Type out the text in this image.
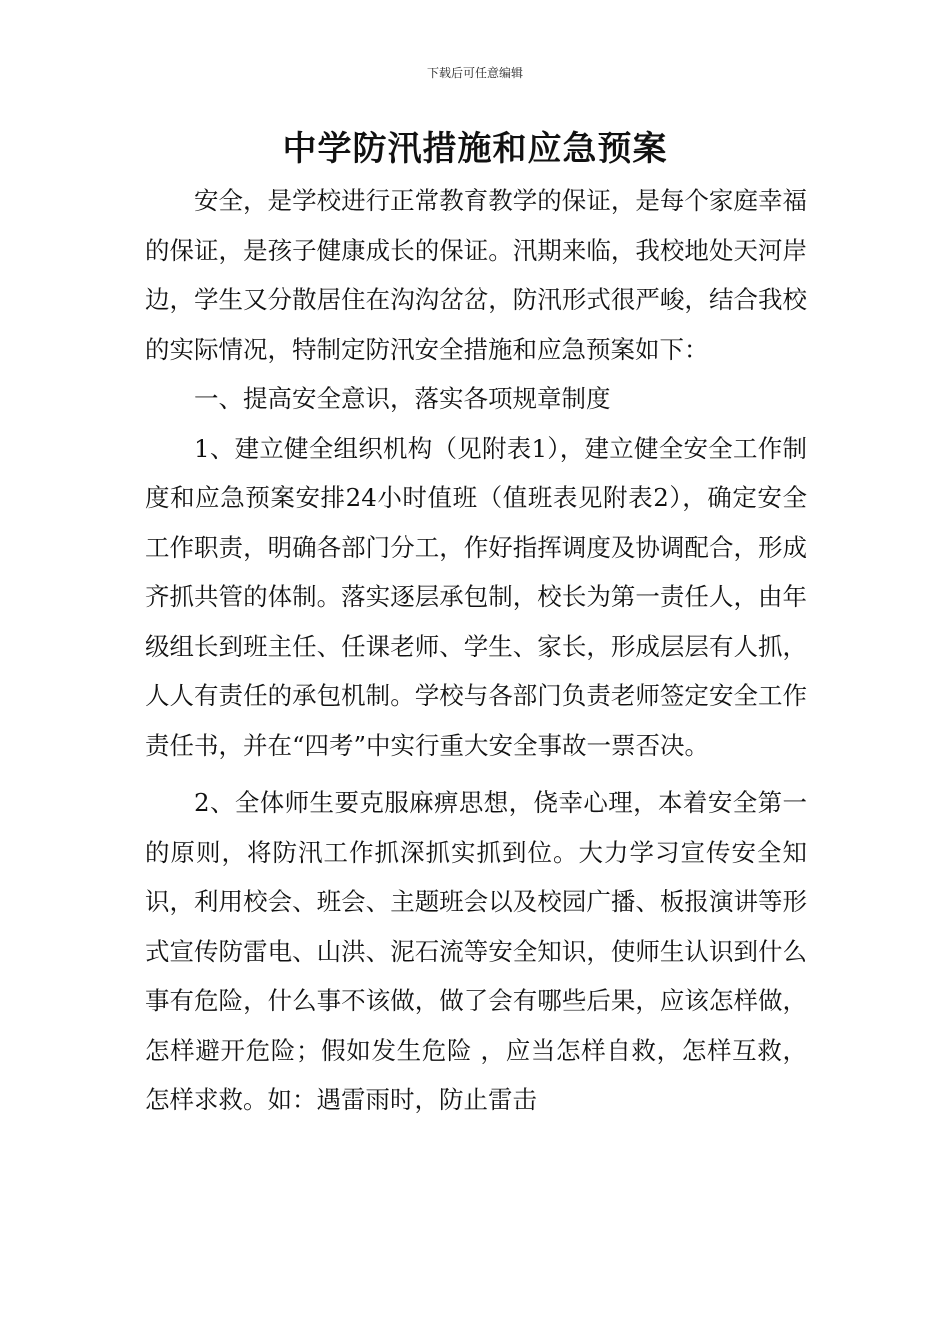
下载后可任意编辑
中学防汛措施和应急预案

安全，是学校进行正常教育教学的保证，是每个家庭幸福的保证，是孩子健康成长的保证。汛期来临，我校地处天河岸边，学生又分散居住在沟沟岔岔，防汛形式很严峻，结合我校的实际情况，特制定防汛安全措施和应急预案如下：

一、提高安全意识，落实各项规章制度

1、建立健全组织机构（见附表1），建立健全安全工作制度和应急预案安排24小时值班（值班表见附表2），确定安全工作职责，明确各部门分工，作好指挥调度及协调配合，形成齐抓共管的体制。落实逐层承包制，校长为第一责任人，由年级组长到班主任、任课老师、学生、家长，形成层层有人抓，人人有责任的承包机制。学校与各部门负责老师签定安全工作责任书，并在“四考”中实行重大安全事故一票否决。

2、全体师生要克服麻痹思想，侥幸心理，本着安全第一的原则，将防汛工作抓深抓实抓到位。大力学习宣传安全知识，利用校会、班会、主题班会以及校园广播、板报演讲等形式宣传防雷电、山洪、泥石流等安全知识，使师生认识到什么事有危险，什么事不该做，做了会有哪些后果，应该怎样做，怎样避开危险；假如发生危险 ，应当怎样自救，怎样互救，怎样求救。如：遇雷雨时，防止雷击
